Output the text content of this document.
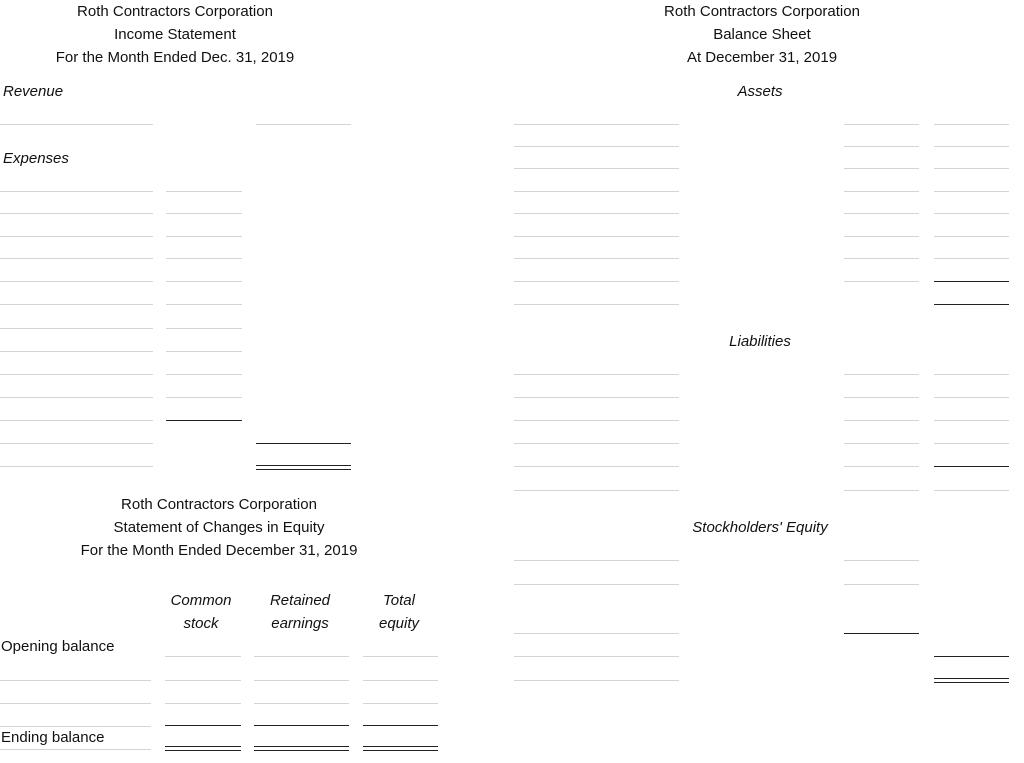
Roth Contractors Corporation
Income Statement
For the Month Ended Dec. 31, 2019
Revenue
Expenses
Roth Contractors Corporation
Balance Sheet
At December 31, 2019
Assets
Liabilities
Stockholders' Equity
Roth Contractors Corporation
Statement of Changes in Equity
For the Month Ended December 31, 2019
Common
stock
Retained
earnings
Total
equity
Opening balance
Ending balance
